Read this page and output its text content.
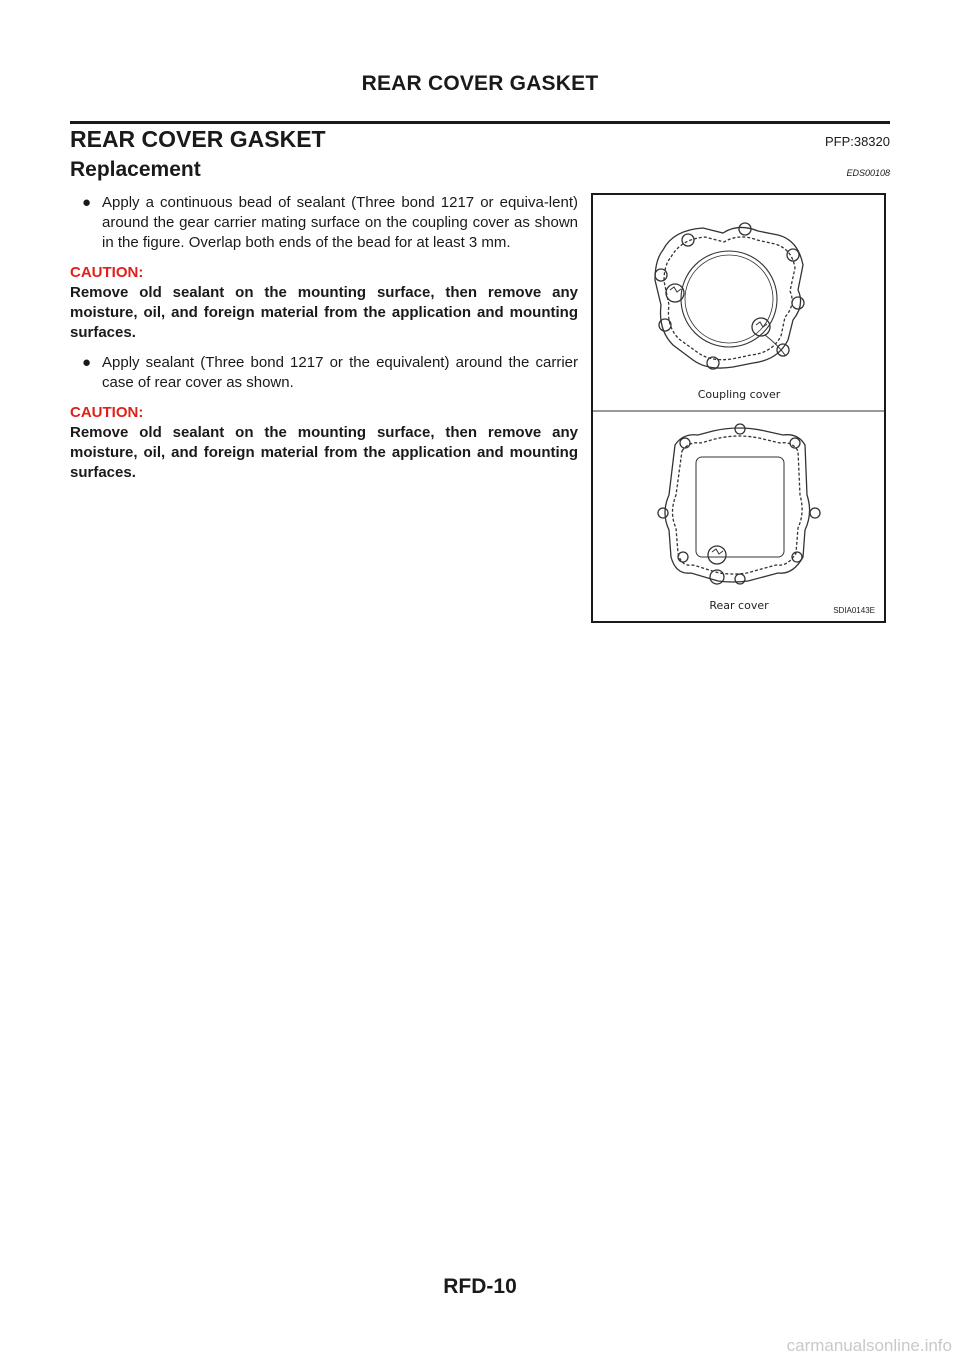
REAR COVER GASKET
REAR COVER GASKET	PFP:38320
Replacement	EDS00108
● Apply a continuous bead of sealant (Three bond 1217 or equiva-lent) around the gear carrier mating surface on the coupling cover as shown in the figure. Overlap both ends of the bead for at least 3 mm.
CAUTION:
Remove old sealant on the mounting surface, then remove any moisture, oil, and foreign material from the application and mounting surfaces.
● Apply sealant (Three bond 1217 or the equivalent) around the carrier case of rear cover as shown.
CAUTION:
Remove old sealant on the mounting surface, then remove any moisture, oil, and foreign material from the application and mounting surfaces.
Coupling cover
Rear cover	SDIA0143E
RFD-10
carmanualsonline.info
